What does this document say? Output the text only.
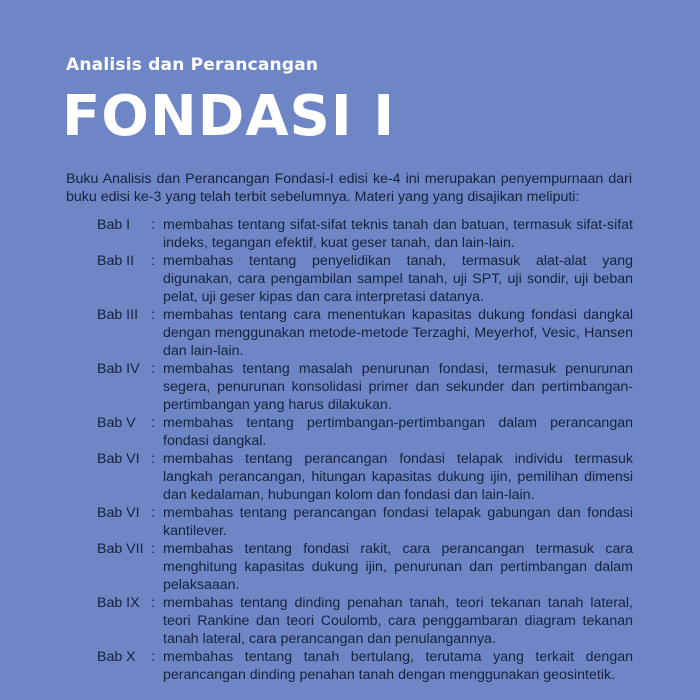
Analisis dan Perancangan
FONDASI I

Buku Analisis dan Perancangan Fondasi-I edisi ke-4 ini merupakan penyempurnaan dari buku edisi ke-3 yang telah terbit sebelumnya. Materi yang yang disajikan meliputi:

Bab I	: membahas tentang sifat-sifat teknis tanah dan batuan, termasuk sifat-sifat indeks, tegangan efektif, kuat geser tanah, dan lain-lain.
Bab II	: membahas tentang penyelidikan tanah, termasuk alat-alat yang digunakan, cara pengambilan sampel tanah, uji SPT, uji sondir, uji beban pelat, uji geser kipas dan cara interpretasi datanya.
Bab III : membahas tentang cara menentukan kapasitas dukung fondasi dangkal dengan menggunakan metode-metode Terzaghi, Meyerhof, Vesic, Hansen dan lain-lain.
Bab IV : membahas tentang masalah penurunan fondasi, termasuk penurunan segera, penurunan konsolidasi primer dan sekunder dan pertimbangan-pertimbangan yang harus dilakukan.
Bab V	: membahas tentang pertimbangan-pertimbangan dalam perancangan fondasi dangkal.
Bab VI : membahas tentang perancangan fondasi telapak individu termasuk langkah perancangan, hitungan kapasitas dukung ijin, pemilihan dimensi dan kedalaman, hubungan kolom dan fondasi dan lain-lain.
Bab VI : membahas tentang perancangan fondasi telapak gabungan dan fondasi kantilever.
Bab VII : membahas tentang fondasi rakit, cara perancangan termasuk cara menghitung kapasitas dukung ijin, penurunan dan pertimbangan dalam pelaksaaan.
Bab IX : membahas tentang dinding penahan tanah, teori tekanan tanah lateral, teori Rankine dan teori Coulomb, cara penggambaran diagram tekanan tanah lateral, cara perancangan dan penulangannya.
Bab X	: membahas tentang tanah bertulang, terutama yang terkait dengan perancangan dinding penahan tanah dengan menggunakan geosintetik.
